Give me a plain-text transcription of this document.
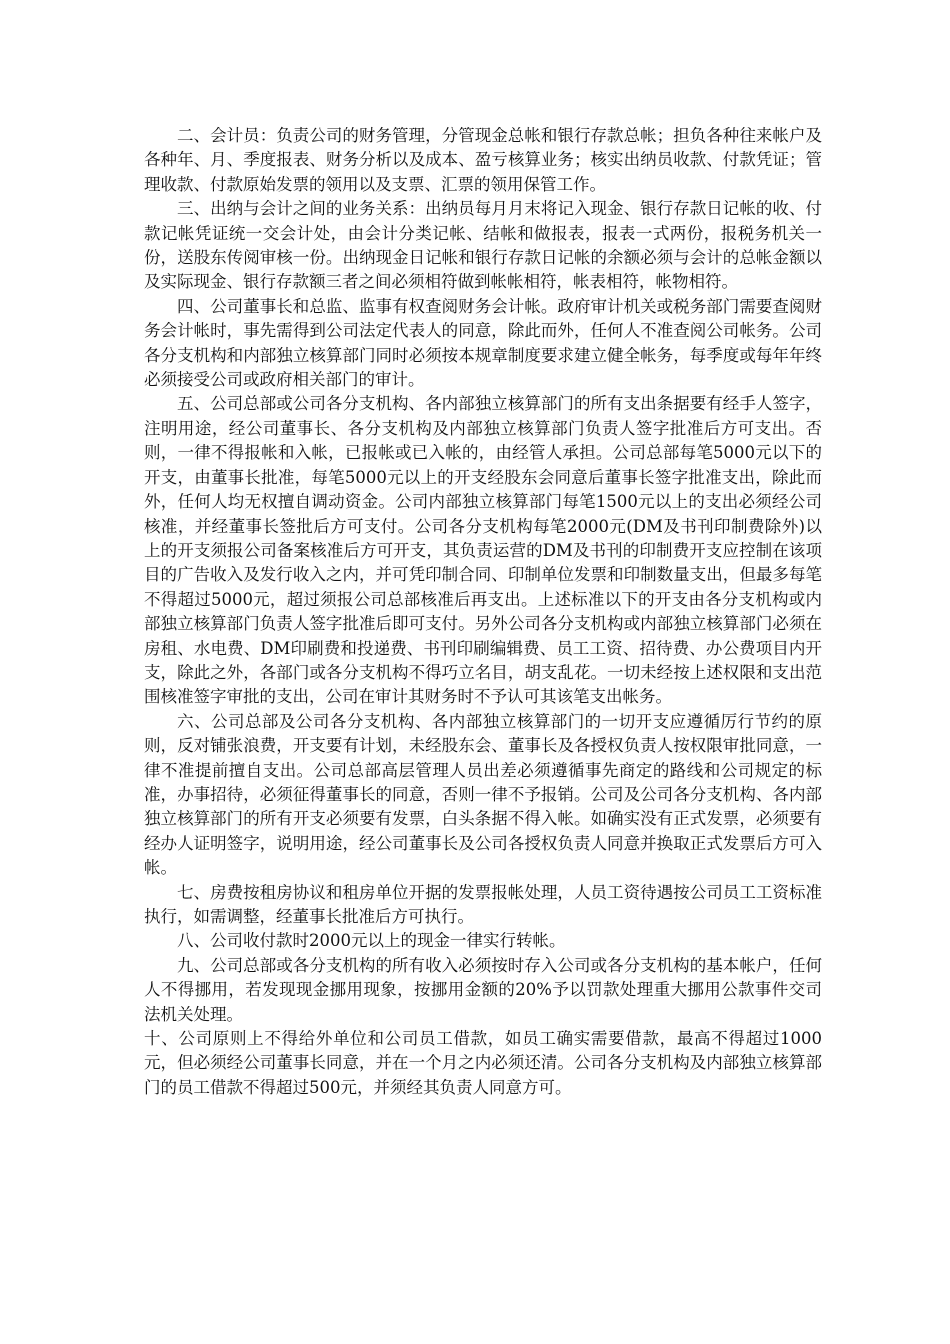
二、会计员：负责公司的财务管理，分管现金总帐和银行存款总帐；担负各种往来帐户及各种年、月、季度报表、财务分析以及成本、盈亏核算业务；核实出纳员收款、付款凭证；管理收款、付款原始发票的领用以及支票、汇票的领用保管工作。

三、出纳与会计之间的业务关系：出纳员每月月末将记入现金、银行存款日记帐的收、付款记帐凭证统一交会计处，由会计分类记帐、结帐和做报表，报表一式两份，报税务机关一份，送股东传阅审核一份。出纳现金日记帐和银行存款日记帐的余额必须与会计的总帐金额以及实际现金、银行存款额三者之间必须相符做到帐帐相符，帐表相符，帐物相符。

四、公司董事长和总监、监事有权查阅财务会计帐。政府审计机关或税务部门需要查阅财务会计帐时，事先需得到公司法定代表人的同意，除此而外，任何人不准查阅公司帐务。公司各分支机构和内部独立核算部门同时必须按本规章制度要求建立健全帐务，每季度或每年年终必须接受公司或政府相关部门的审计。

五、公司总部或公司各分支机构、各内部独立核算部门的所有支出条据要有经手人签字，注明用途，经公司董事长、各分支机构及内部独立核算部门负责人签字批准后方可支出。否则，一律不得报帐和入帐，已报帐或已入帐的，由经管人承担。公司总部每笔5000元以下的开支，由董事长批准，每笔5000元以上的开支经股东会同意后董事长签字批准支出，除此而外，任何人均无权擅自调动资金。公司内部独立核算部门每笔1500元以上的支出必须经公司核准，并经董事长签批后方可支付。公司各分支机构每笔2000元(DM及书刊印制费除外)以上的开支须报公司备案核准后方可开支，其负责运营的DM及书刊的印制费开支应控制在该项目的广告收入及发行收入之内，并可凭印制合同、印制单位发票和印制数量支出，但最多每笔不得超过5000元，超过须报公司总部核准后再支出。上述标准以下的开支由各分支机构或内部独立核算部门负责人签字批准后即可支付。另外公司各分支机构或内部独立核算部门必须在房租、水电费、DM印刷费和投递费、书刊印刷编辑费、员工工资、招待费、办公费项目内开支，除此之外，各部门或各分支机构不得巧立名目，胡支乱花。一切未经按上述权限和支出范围核准签字审批的支出，公司在审计其财务时不予认可其该笔支出帐务。

六、公司总部及公司各分支机构、各内部独立核算部门的一切开支应遵循厉行节约的原则，反对铺张浪费，开支要有计划，未经股东会、董事长及各授权负责人按权限审批同意，一律不准提前擅自支出。公司总部高层管理人员出差必须遵循事先商定的路线和公司规定的标准，办事招待，必须征得董事长的同意，否则一律不予报销。公司及公司各分支机构、各内部独立核算部门的所有开支必须要有发票，白头条据不得入帐。如确实没有正式发票，必须要有经办人证明签字，说明用途，经公司董事长及公司各授权负责人同意并换取正式发票后方可入帐。

七、房费按租房协议和租房单位开据的发票报帐处理，人员工资待遇按公司员工工资标准执行，如需调整，经董事长批准后方可执行。

八、公司收付款时2000元以上的现金一律实行转帐。

九、公司总部或各分支机构的所有收入必须按时存入公司或各分支机构的基本帐户，任何人不得挪用，若发现现金挪用现象，按挪用金额的20%予以罚款处理重大挪用公款事件交司法机关处理。

十、公司原则上不得给外单位和公司员工借款，如员工确实需要借款，最高不得超过1000元，但必须经公司董事长同意，并在一个月之内必须还清。公司各分支机构及内部独立核算部门的员工借款不得超过500元，并须经其负责人同意方可。
